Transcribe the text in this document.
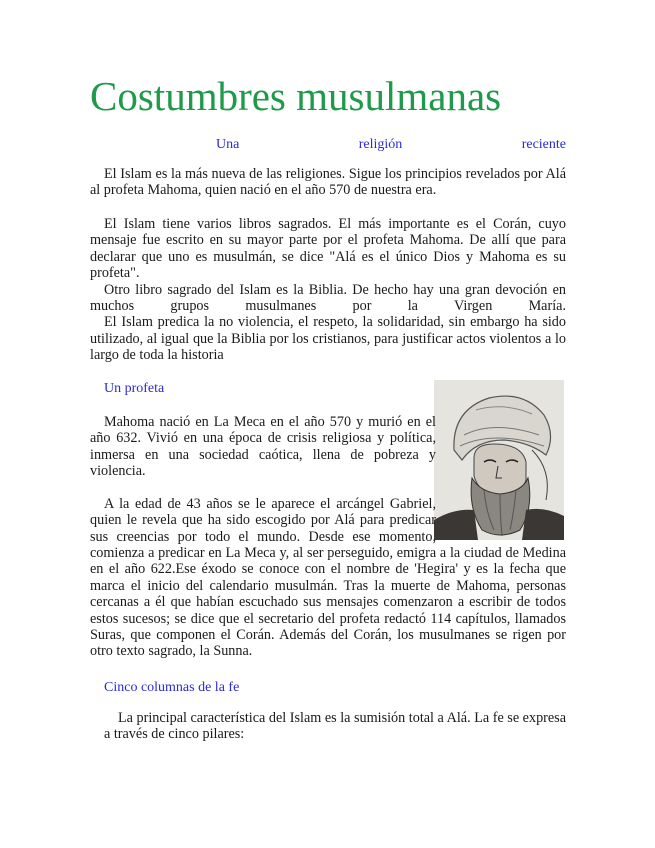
Costumbres musulmanas
Una	religión	reciente

El Islam es la más nueva de las religiones. Sigue los principios revelados por Alá al profeta Mahoma, quien nació en el año 570 de nuestra era.

El Islam tiene varios libros sagrados. El más importante es el Corán, cuyo mensaje fue escrito en su mayor parte por el profeta Mahoma. De allí que para declarar que uno es musulmán, se dice "Alá es el único Dios y Mahoma es su profeta".

Otro libro sagrado del Islam es la Biblia. De hecho hay una gran devoción en muchos grupos musulmanes por la Virgen María.

El Islam predica la no violencia, el respeto, la solidaridad, sin embargo ha sido utilizado, al igual que la Biblia por los cristianos, para justificar actos violentos a lo largo de toda la historia

Un profeta

Mahoma nació en La Meca en el año 570 y murió en el año 632. Vivió en una época de crisis religiosa y política, inmersa en una sociedad caótica, llena de pobreza y violencia.

A la edad de 43 años se le aparece el arcángel Gabriel, quien le revela que ha sido escogido por Alá para predicar sus creencias por todo el mundo. Desde ese momento,

comienza a predicar en La Meca y, al ser perseguido, emigra a la ciudad de Medina en el año 622.Ese éxodo se conoce con el nombre de 'Hegira' y es la fecha que marca el inicio del calendario musulmán. Tras la muerte de Mahoma, personas cercanas a él que habían escuchado sus mensajes comenzaron a escribir de todos estos sucesos; se dice que el secretario del profeta redactó 114 capítulos, llamados Suras, que componen el Corán. Además del Corán, los musulmanes se rigen por otro texto sagrado, la Sunna.

Cinco columnas de la fe

La principal característica del Islam es la sumisión total a Alá. La fe se expresa a través de cinco pilares:
